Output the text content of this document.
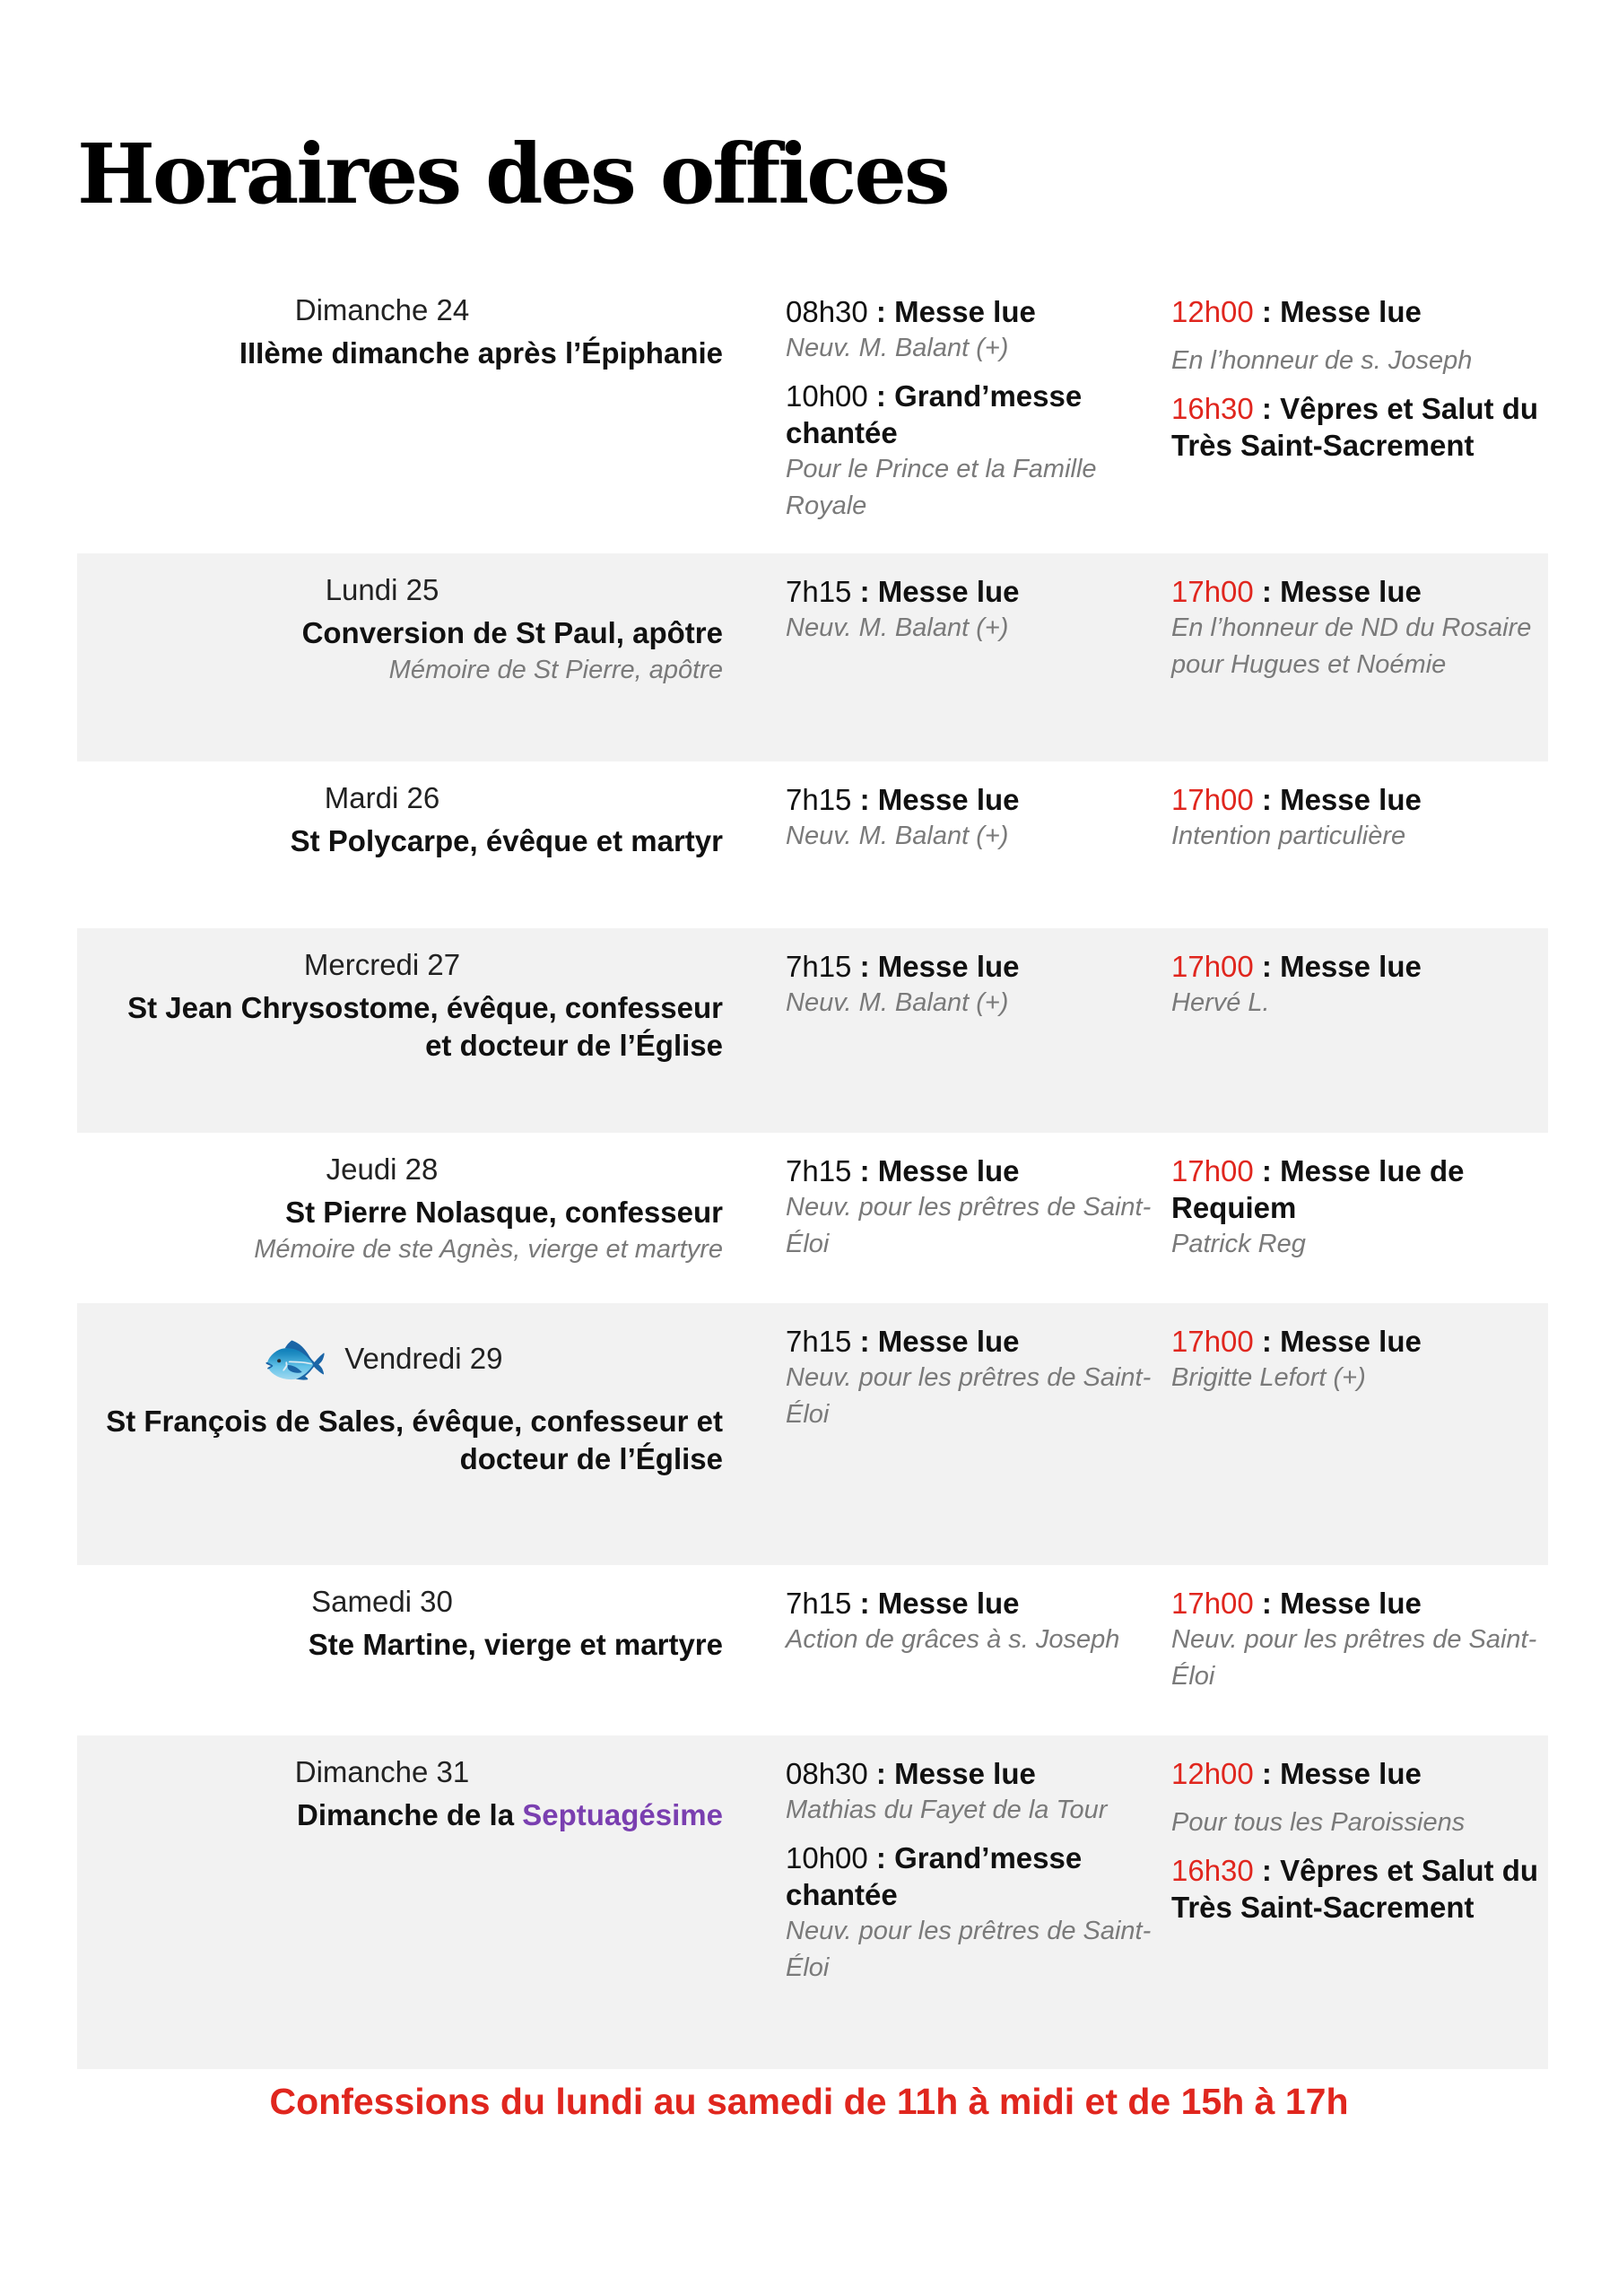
Horaires des offices
Dimanche 24
IIIème dimanche après l’Épiphanie
08h30 : Messe lue
Neuv. M. Balant (+)
10h00 : Grand’messe chantée
Pour le Prince et la Famille Royale
12h00 : Messe lue
En l’honneur de s. Joseph
16h30 : Vêpres et Salut du Très Saint-Sacrement
Lundi 25
Conversion de St Paul, apôtre
Mémoire de St Pierre, apôtre
7h15 : Messe lue
Neuv. M. Balant (+)
17h00 : Messe lue
En l’honneur de ND du Rosaire pour Hugues et Noémie
Mardi 26
St Polycarpe, évêque et martyr
7h15 : Messe lue
Neuv. M. Balant (+)
17h00 : Messe lue
Intention particulière
Mercredi 27
St Jean Chrysostome, évêque, confesseur et docteur de l’Église
7h15 : Messe lue
Neuv. M. Balant (+)
17h00 : Messe lue
Hervé L.
Jeudi 28
St Pierre Nolasque, confesseur
Mémoire de ste Agnès, vierge et martyre
7h15 : Messe lue
Neuv. pour les prêtres de Saint-Éloi
17h00 : Messe lue de Requiem
Patrick Reg
🐟 Vendredi 29
St François de Sales, évêque, confesseur et docteur de l’Église
7h15 : Messe lue
Neuv. pour les prêtres de Saint-Éloi
17h00 : Messe lue
Brigitte Lefort (+)
Samedi 30
Ste Martine, vierge et martyre
7h15 : Messe lue
Action de grâces à s. Joseph
17h00 : Messe lue
Neuv. pour les prêtres de Saint-Éloi
Dimanche 31
Dimanche de la Septuagésime
08h30 : Messe lue
Mathias du Fayet de la Tour
10h00 : Grand’messe chantée
Neuv. pour les prêtres de Saint-Éloi
12h00 : Messe lue
Pour tous les Paroissiens
16h30 : Vêpres et Salut du Très Saint-Sacrement
Confessions du lundi au samedi de 11h à midi et de 15h à 17h
